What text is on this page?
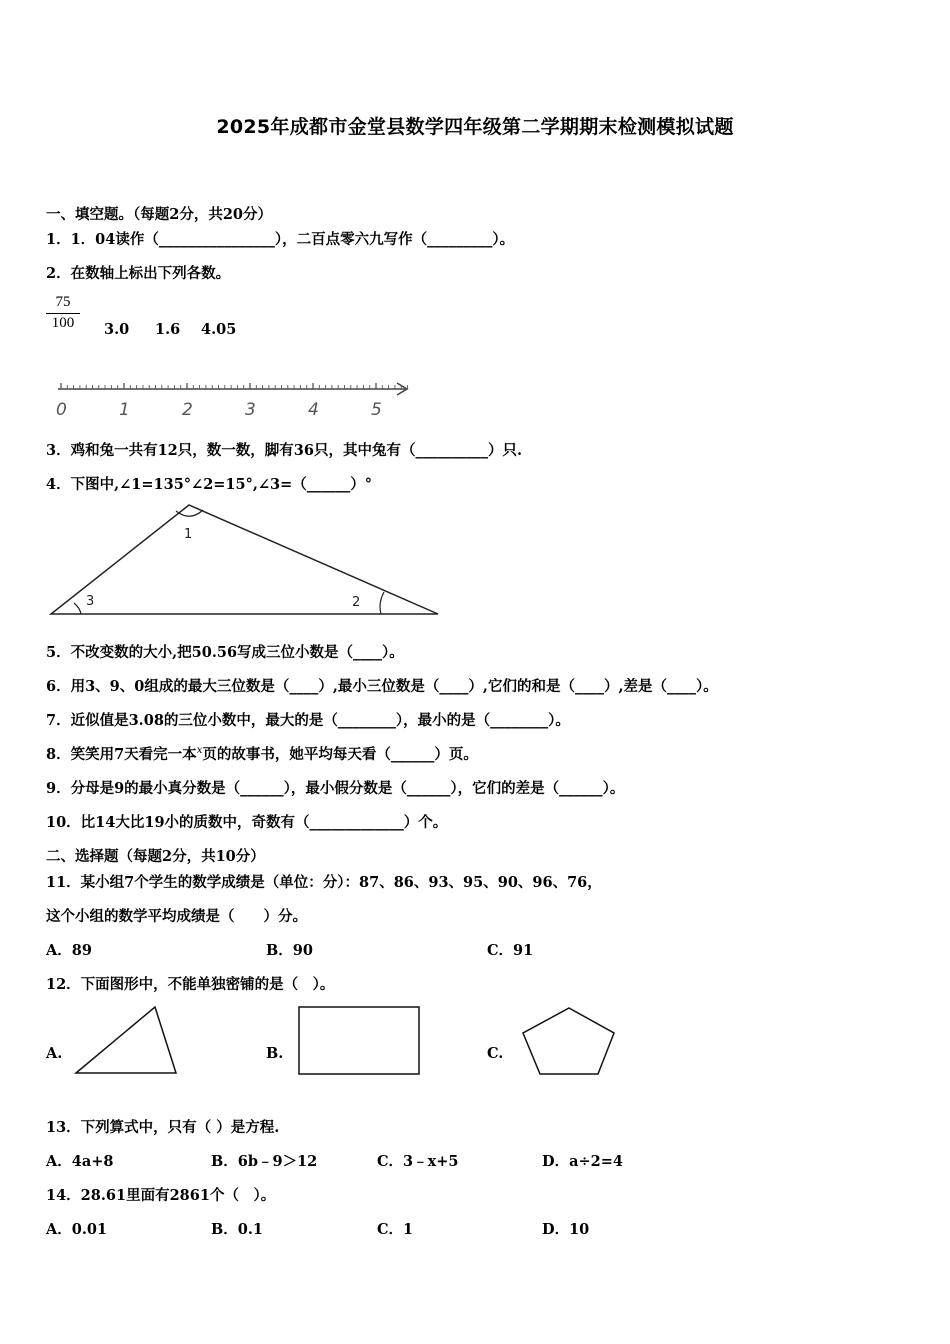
2025年成都市金堂县数学四年级第二学期期末检测模拟试题
一、填空题。（每题2分，共20分）
1．1．04读作（________________），二百点零六九写作（_________）。
2．在数轴上标出下列各数。
$\frac{75}{100} 3.0$ 1.6 4.05
0	1	2	3	4	5
3．鸡和兔一共有12只，数一数，脚有36只，其中兔有（__________）只.
4．下图中,∠1=135°∠2=15°,∠3=（______）°
1
2
3
5．不改变数的大小,把50.56写成三位小数是（____）。
6．用3、9、0组成的最大三位数是（____）,最小三位数是（____）,它们的和是（____）,差是（____）。
7．近似值是3.08的三位小数中，最大的是（________），最小的是（________）。
8．笑笑用7天看完一本$^x$页的故事书，她平均每天看（______）页。
9．分母是9的最小真分数是（______），最小假分数是（______），它们的差是（______）。
10．比14大比19小的质数中，奇数有（_____________）个。
二、选择题（每题2分，共10分）
11．某小组7个学生的数学成绩是（单位：分）：87、86、93、95、90、96、76，
这个小组的数学平均成绩是（　　）分。
A．89	B．90	C．91
12．下面图形中，不能单独密铺的是（　）。
A.	B.	C.
13．下列算式中，只有（ ）是方程.
A．4a+8	B．6b﹣9＞12	C．3﹣x+5	D．a÷2=4
14．28.61里面有2861个（　）。
A．0.01	B．0.1	C．1	D．10
